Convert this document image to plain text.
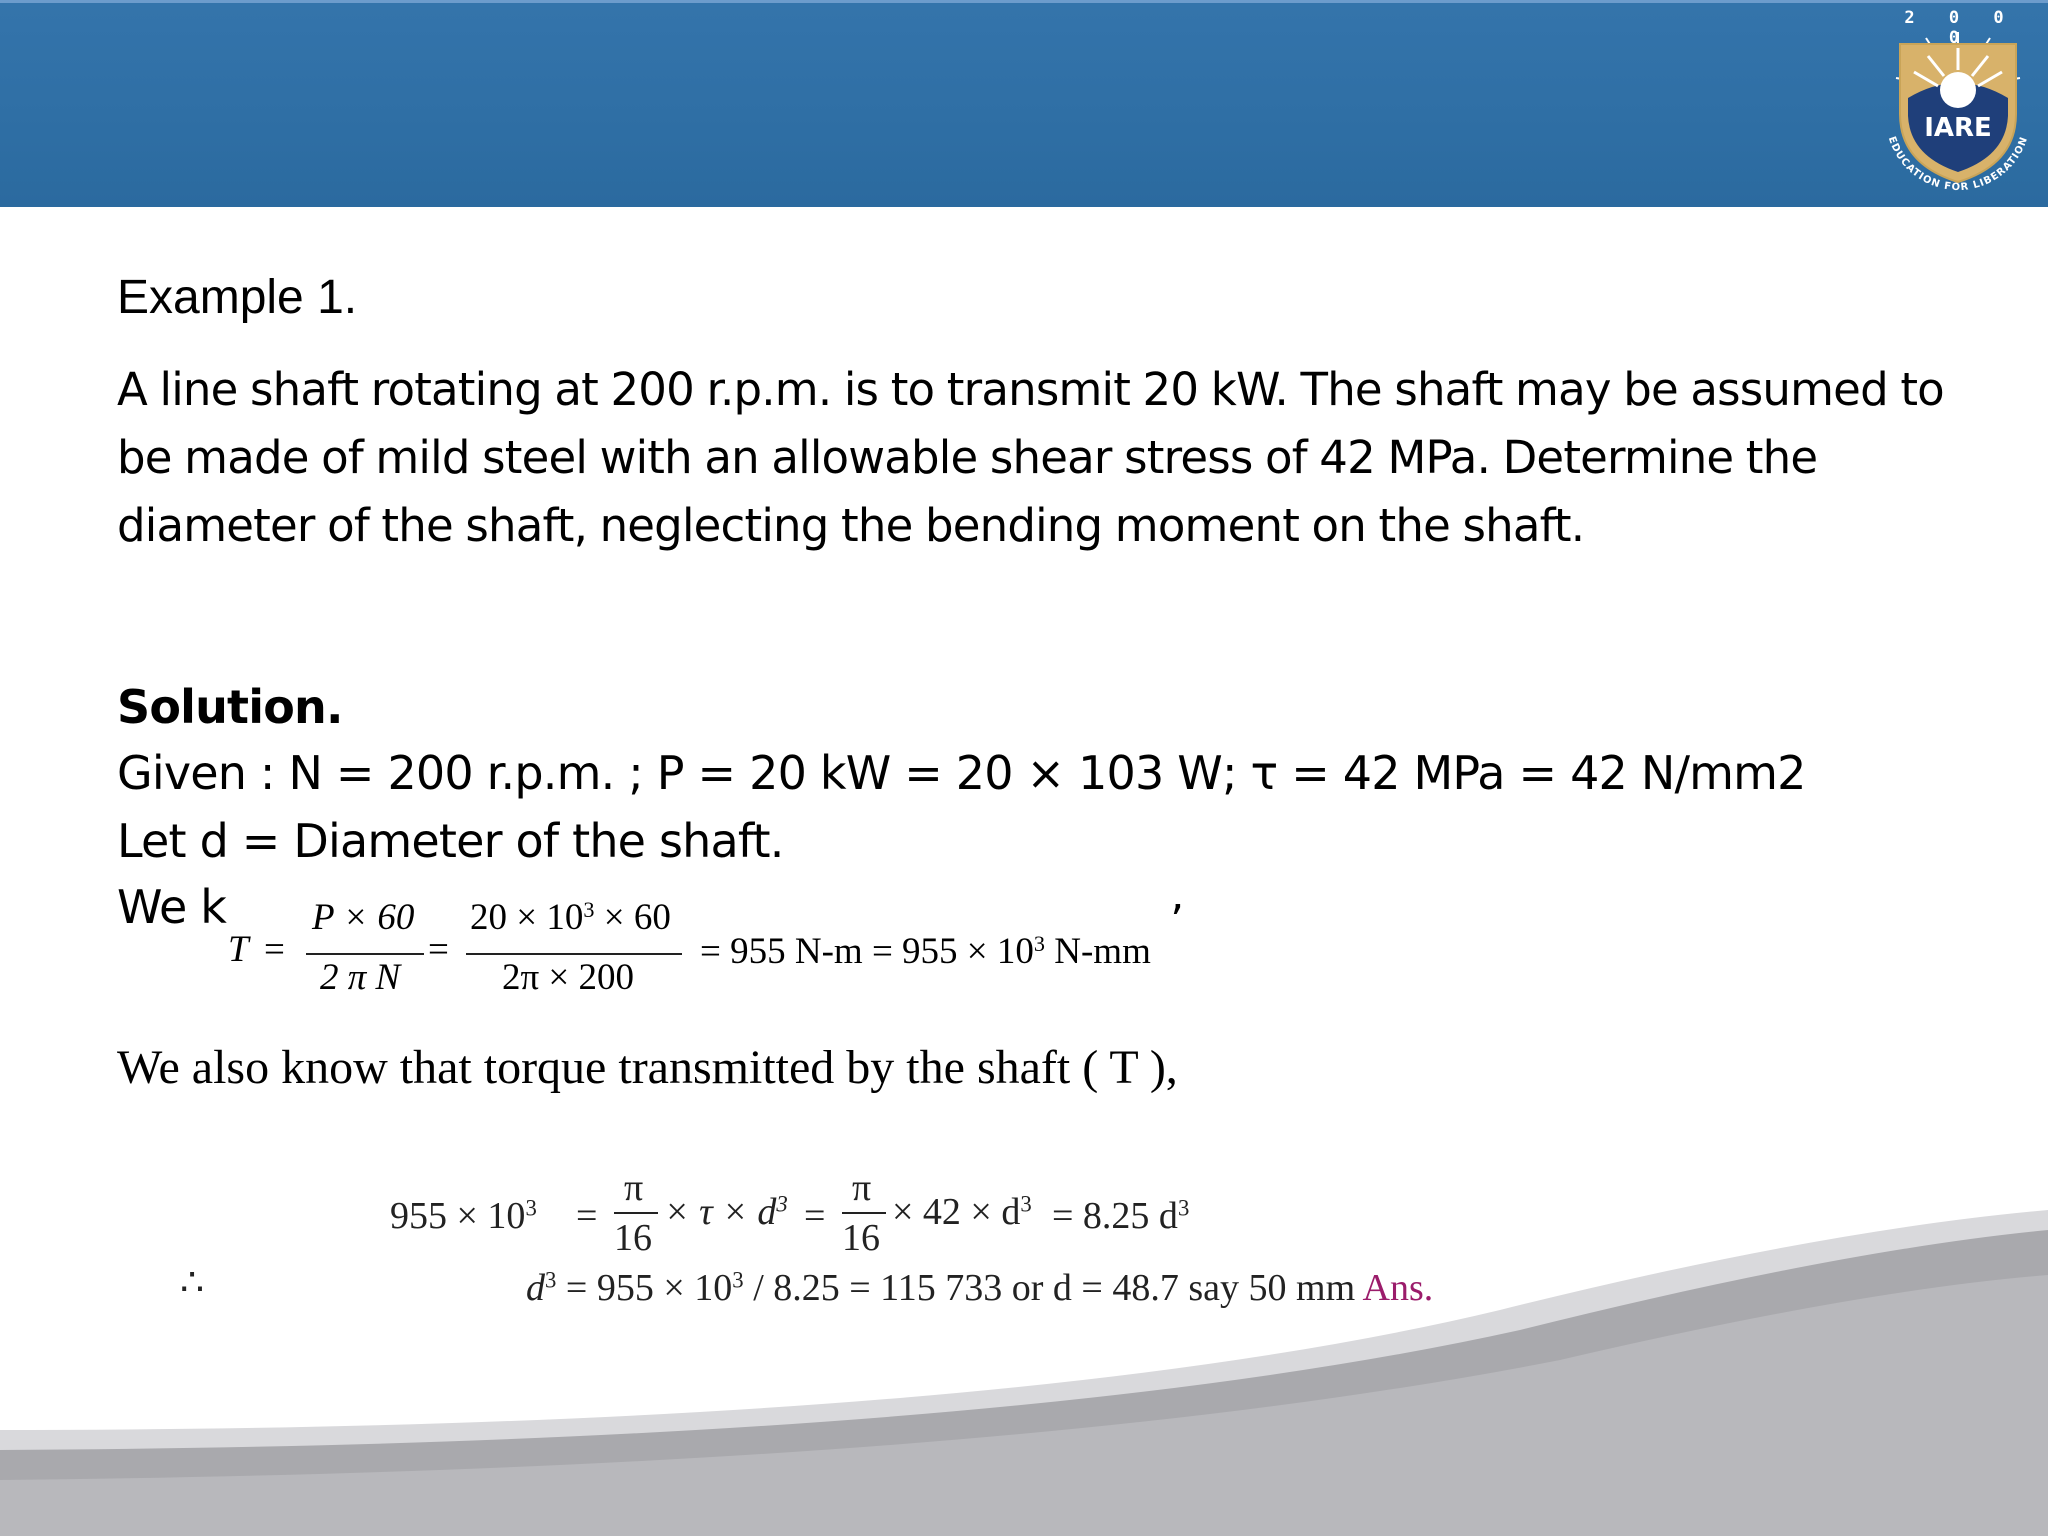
IARE
EDUCATION FOR LIBERATION
2 0 0 0
Example 1.
A line shaft rotating at 200 r.p.m. is to transmit 20 kW. The shaft may be assumed to be made of mild steel with an allowable shear stress of 42 MPa. Determine the diameter of the shaft, neglecting the bending moment on the shaft.
Solution.
Given : N = 200 r.p.m. ; P = 20 kW = 20 × 103 W; τ = 42 MPa = 42 N/mm2
Let d = Diameter of the shaft.
We k
T =
P × 60
2 π N
=
$20 \times 10^3 \times 60$
2π × 200
= 955 $N-m = 955 \times 10^3$ N-mm
’
We also know that torque transmitted by the shaft ( T ),
$955 \times 10^3$ =
π
16
× $\tau \times d^3$ =
π
16
× $42 \times d^3 = 8.25$ $d^3$
∴	$d^3 = 955 \times 10^3 / 8.25 = 115$ 733 or d = 48.7 say 50 mm Ans.
